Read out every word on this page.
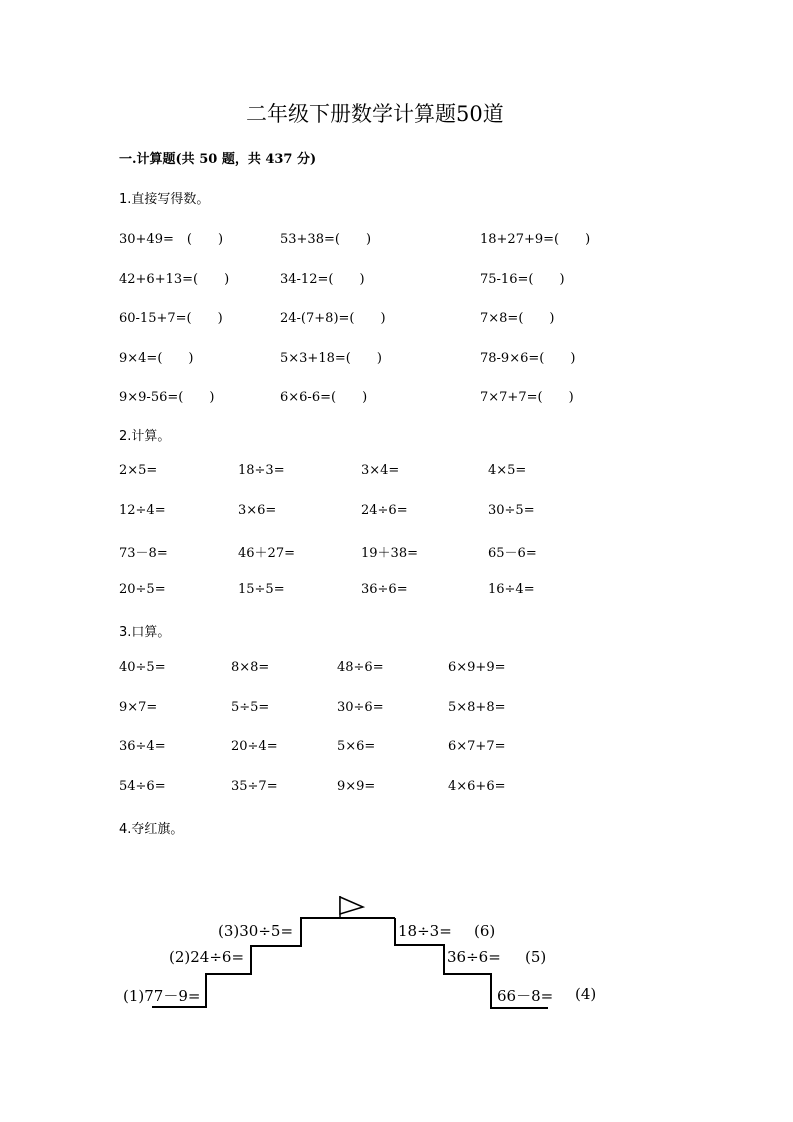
二年级下册数学计算题50道
一.计算题(共 50 题，共 437 分)
1.直接写得数。
30+49=　(　　)	53+38=(　　)	18+27+9=(　　)
42+6+13=(　　)	34-12=(　　)	75-16=(　　)
60-15+7=(　　)	24-(7+8)=(　　)	7×8=(　　)
9×4=(　　)	5×3+18=(　　)	78-9×6=(　　)
9×9-56=(　　)	6×6-6=(　　)	7×7+7=(　　)
2.计算。
2×5=	18÷3=	3×4=	4×5=
12÷4=	3×6=	24÷6=	30÷5=
73－8=	46＋27=	19＋38=	65－6=
20÷5=	15÷5=	36÷6=	16÷4=
3.口算。
40÷5=	8×8=	48÷6=	6×9+9=
9×7=	5÷5=	30÷6=	5×8+8=
36÷4=	20÷4=	5×6=	6×7+7=
54÷6=	35÷7=	9×9=	4×6+6=
4.夺红旗。
(1)77－9=
(2)24÷6=
(3)30÷5=	18÷3= (6)
36÷6= (5)
66－8= (4)
